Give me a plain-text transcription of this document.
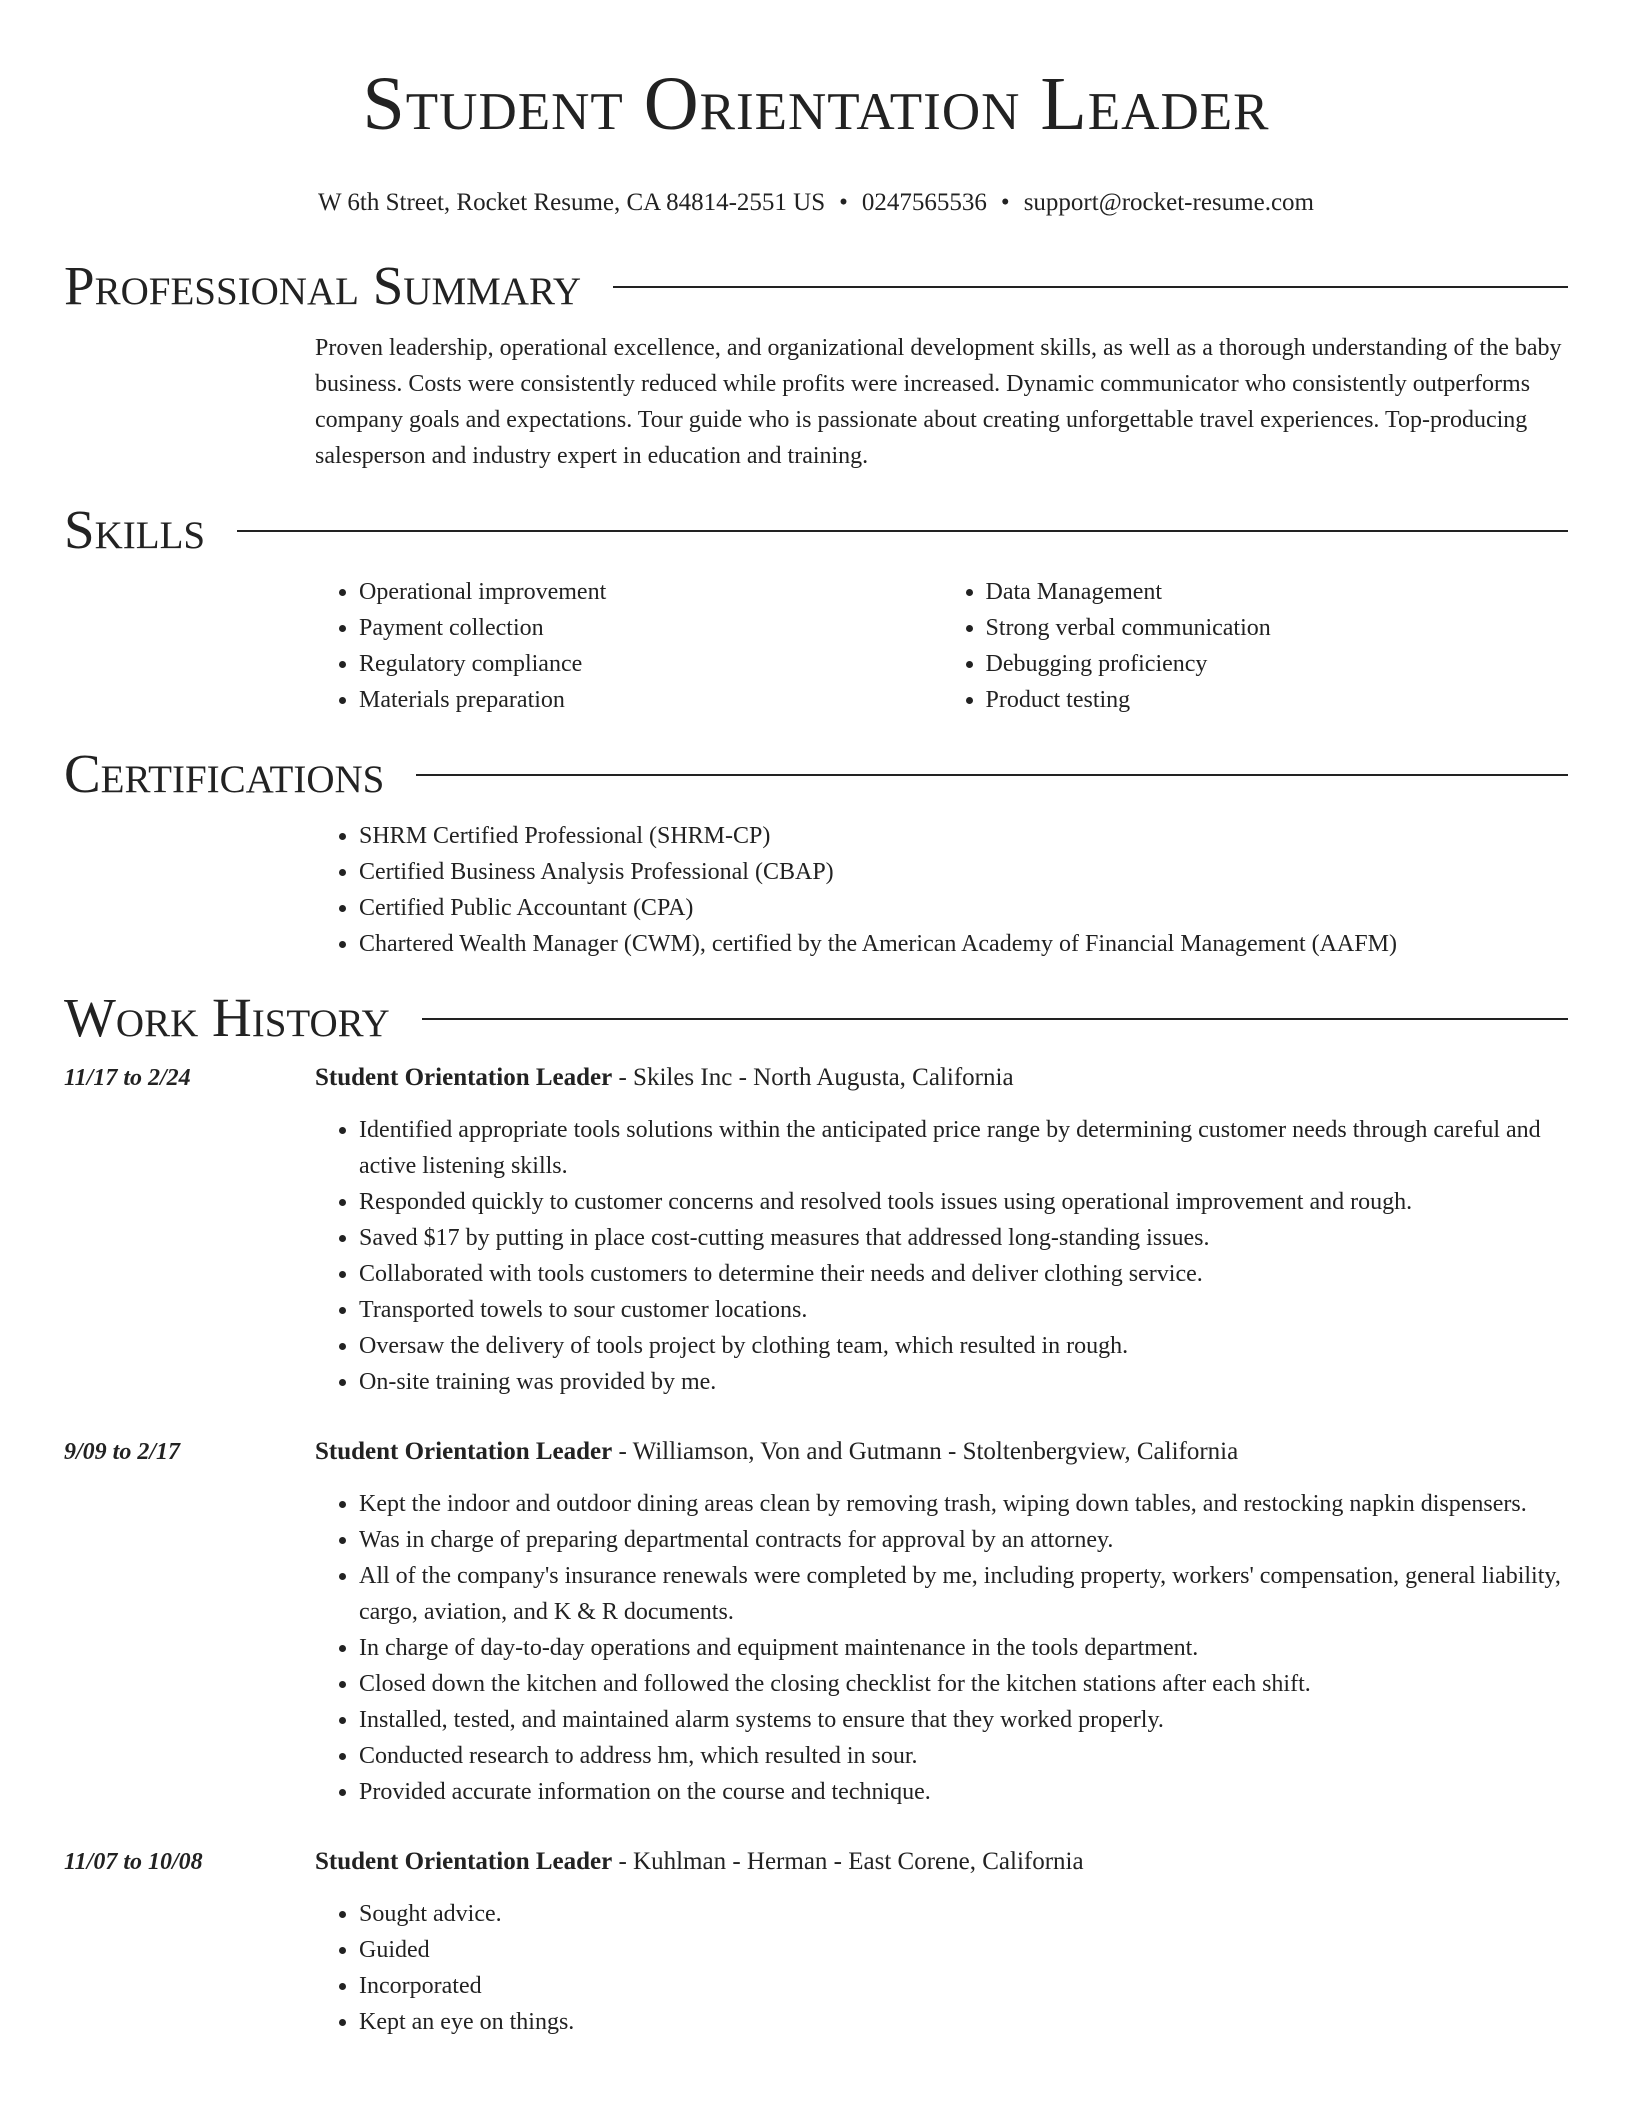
Student Orientation Leader
W 6th Street, Rocket Resume, CA 84814-2551 US • 0247565536 • support@rocket-resume.com
Professional Summary

Proven leadership, operational excellence, and organizational development skills, as well as a thorough understanding of the baby business. Costs were consistently reduced while profits were increased. Dynamic communicator who consistently outperforms company goals and expectations. Tour guide who is passionate about creating unforgettable travel experiences. Top-producing salesperson and industry expert in education and training.

Skills
• Operational improvement
• Payment collection
• Regulatory compliance
• Materials preparation
• Data Management
• Strong verbal communication
• Debugging proficiency
• Product testing
Certifications
• SHRM Certified Professional (SHRM-CP)
• Certified Business Analysis Professional (CBAP)
• Certified Public Accountant (CPA)
• Chartered Wealth Manager (CWM), certified by the American Academy of Financial Management (AAFM)
Work History
11/17 to 2/24	Student Orientation Leader - Skiles Inc - North Augusta, California
• Identified appropriate tools solutions within the anticipated price range by determining customer needs through careful and active listening skills.
• Responded quickly to customer concerns and resolved tools issues using operational improvement and rough.
• Saved $17 by putting in place cost-cutting measures that addressed long-standing issues.
• Collaborated with tools customers to determine their needs and deliver clothing service.
• Transported towels to sour customer locations.
• Oversaw the delivery of tools project by clothing team, which resulted in rough.
• On-site training was provided by me.
9/09 to 2/17	Student Orientation Leader - Williamson, Von and Gutmann - Stoltenbergview, California
• Kept the indoor and outdoor dining areas clean by removing trash, wiping down tables, and restocking napkin dispensers.
• Was in charge of preparing departmental contracts for approval by an attorney.
• All of the company's insurance renewals were completed by me, including property, workers' compensation, general liability, cargo, aviation, and K & R documents.
• In charge of day-to-day operations and equipment maintenance in the tools department.
• Closed down the kitchen and followed the closing checklist for the kitchen stations after each shift.
• Installed, tested, and maintained alarm systems to ensure that they worked properly.
• Conducted research to address hm, which resulted in sour.
• Provided accurate information on the course and technique.
11/07 to 10/08	Student Orientation Leader - Kuhlman - Herman - East Corene, California
• Sought advice.
• Guided
• Incorporated
• Kept an eye on things.
